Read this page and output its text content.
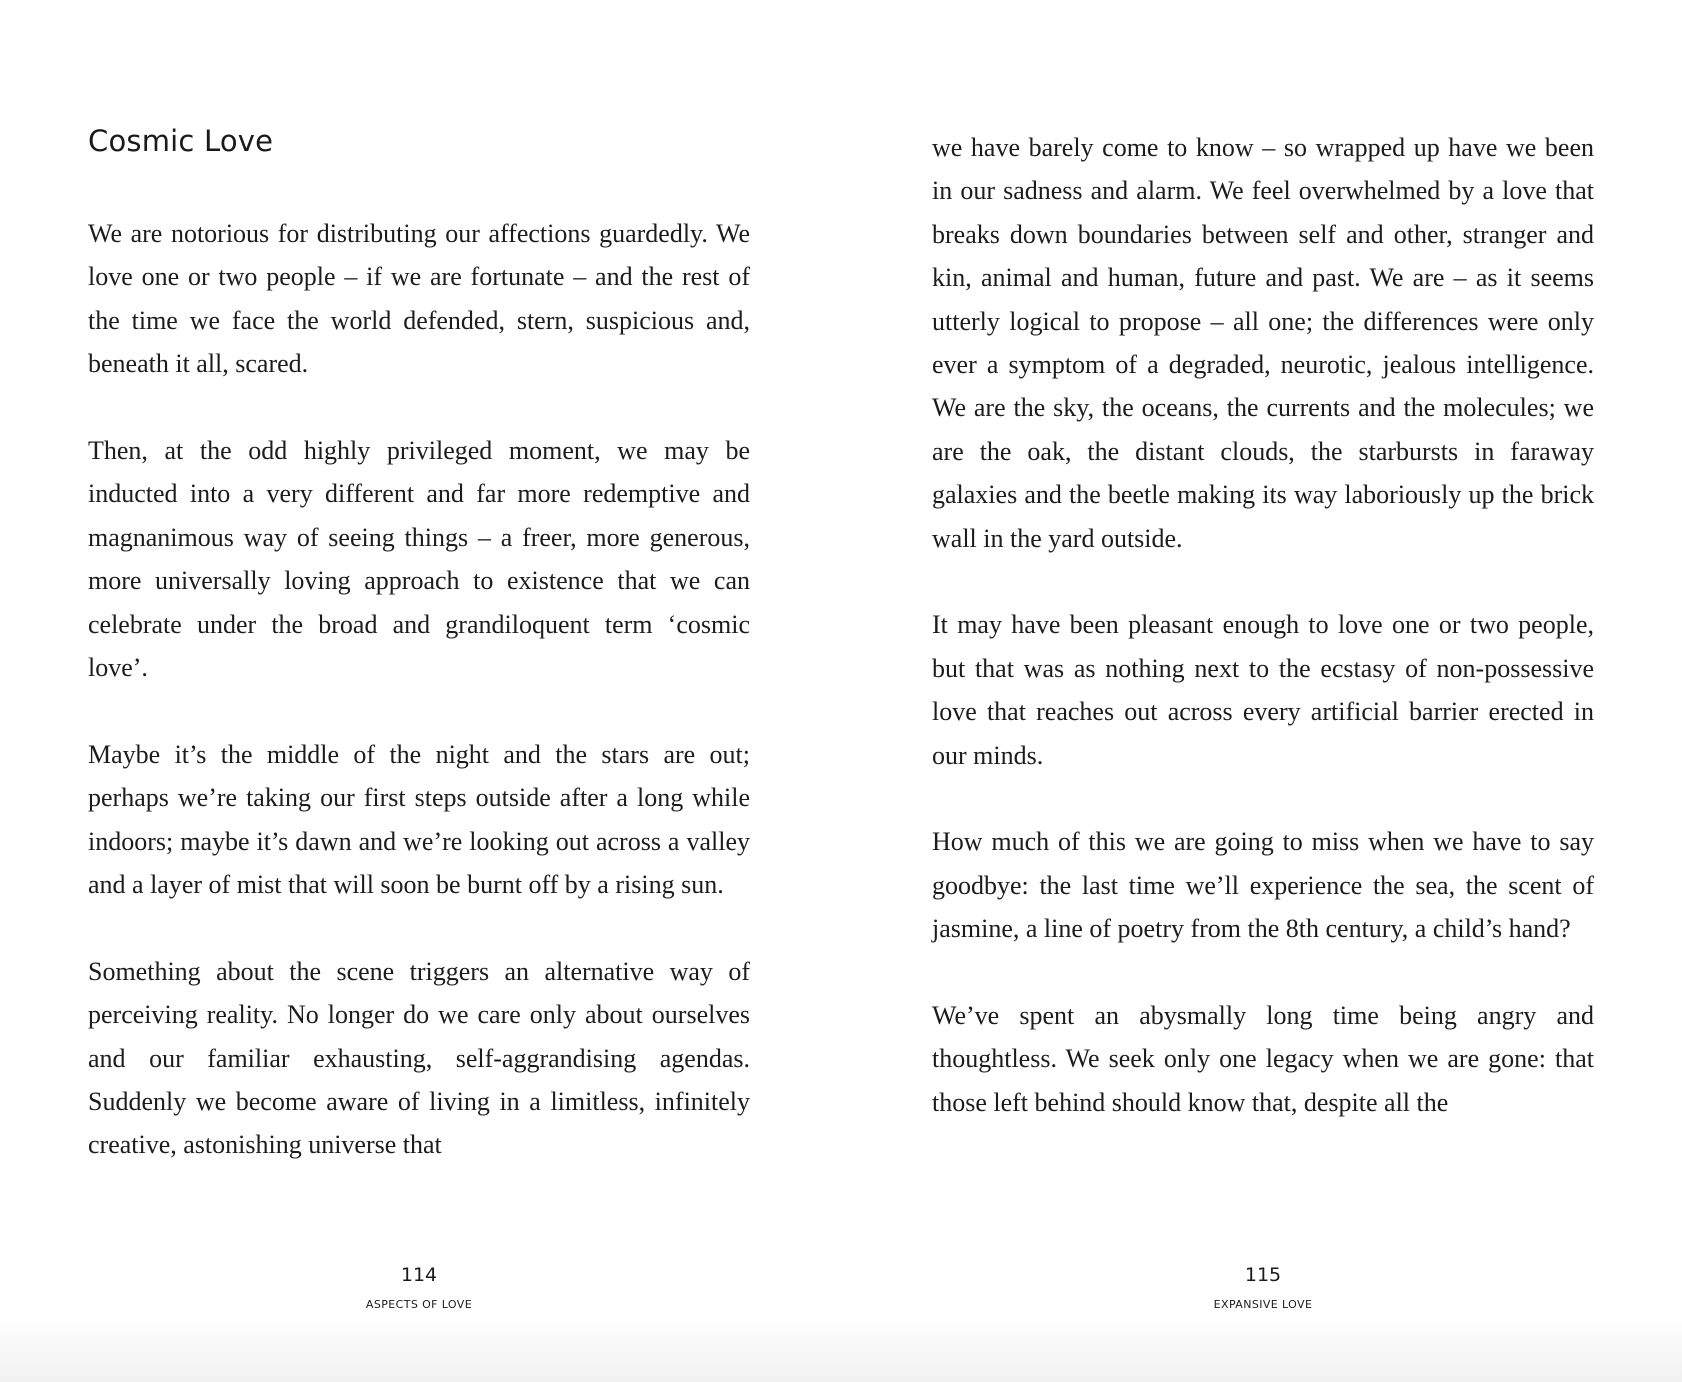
Cosmic Love

We are notorious for distributing our affections guardedly. We love one or two people – if we are fortunate – and the rest of the time we face the world defended, stern, suspicious and, beneath it all, scared.

Then, at the odd highly privileged moment, we may be inducted into a very different and far more redemptive and magnanimous way of seeing things – a freer, more generous, more universally loving approach to existence that we can celebrate under the broad and grandiloquent term ‘cosmic love’.

Maybe it’s the middle of the night and the stars are out; perhaps we’re taking our first steps outside after a long while indoors; maybe it’s dawn and we’re looking out across a valley and a layer of mist that will soon be burnt off by a rising sun.

Something about the scene triggers an alternative way of perceiving reality. No longer do we care only about ourselves and our familiar exhausting, self-aggrandising agendas. Suddenly we become aware of living in a limitless, infinitely creative, astonishing universe that

114
ASPECTS OF LOVE

we have barely come to know – so wrapped up have we been in our sadness and alarm. We feel overwhelmed by a love that breaks down boundaries between self and other, stranger and kin, animal and human, future and past. We are – as it seems utterly logical to propose – all one; the differences were only ever a symptom of a degraded, neurotic, jealous intelligence. We are the sky, the oceans, the currents and the molecules; we are the oak, the distant clouds, the starbursts in faraway galaxies and the beetle making its way laboriously up the brick wall in the yard outside.

It may have been pleasant enough to love one or two people, but that was as nothing next to the ecstasy of non-possessive love that reaches out across every artificial barrier erected in our minds.

How much of this we are going to miss when we have to say goodbye: the last time we’ll experience the sea, the scent of jasmine, a line of poetry from the 8th century, a child’s hand?

We’ve spent an abysmally long time being angry and thoughtless. We seek only one legacy when we are gone: that those left behind should know that, despite all the

115
EXPANSIVE LOVE
